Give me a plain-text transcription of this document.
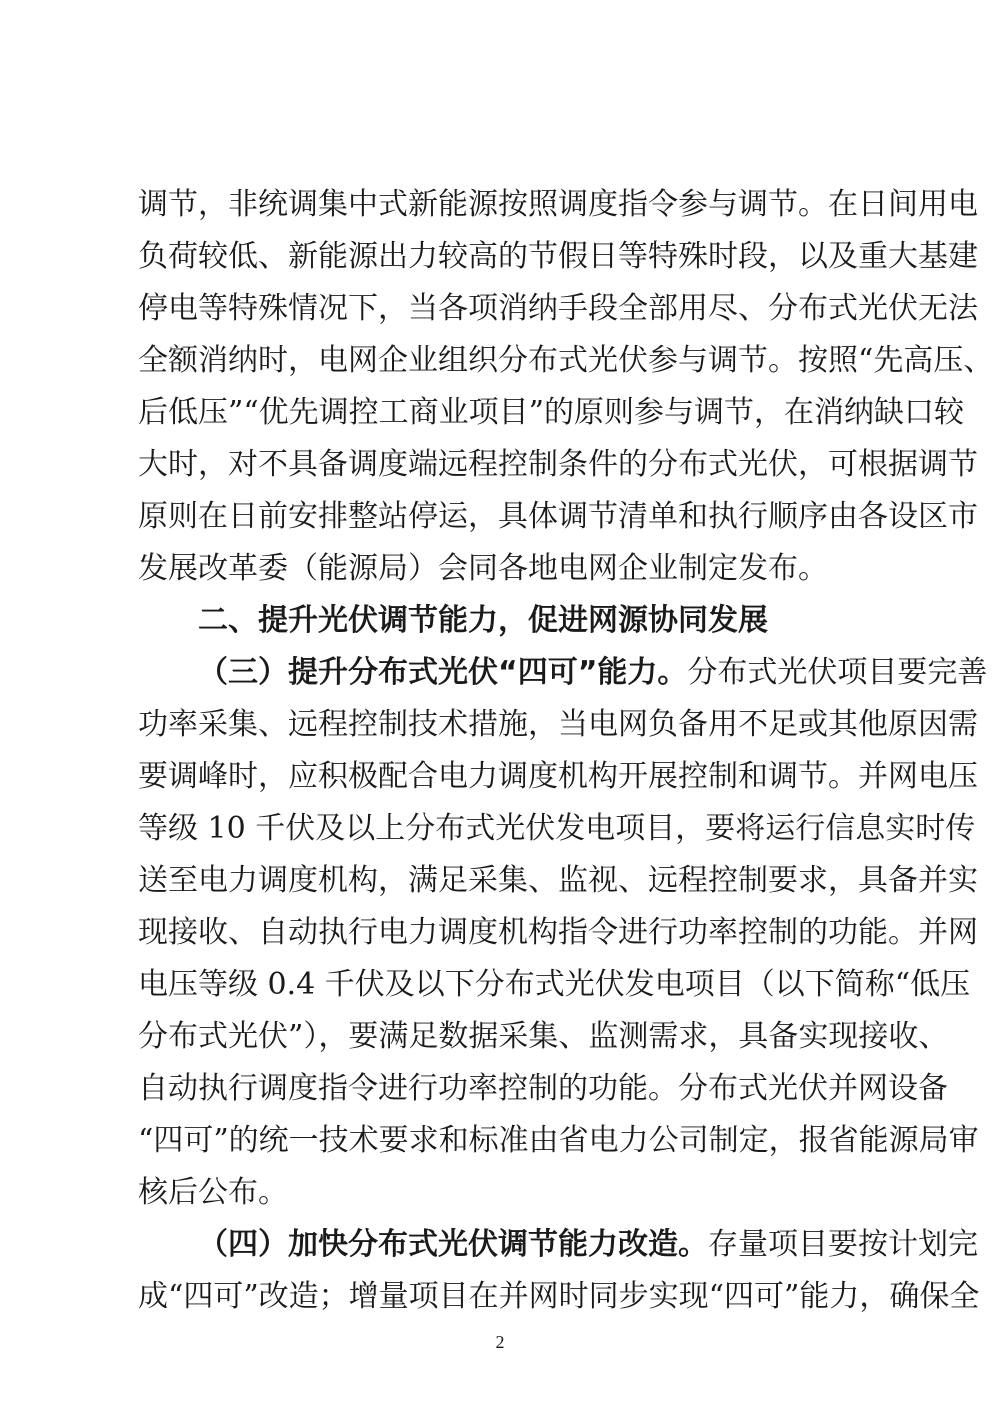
调节，非统调集中式新能源按照调度指令参与调节。在日间用电
负荷较低、新能源出力较高的节假日等特殊时段，以及重大基建
停电等特殊情况下，当各项消纳手段全部用尽、分布式光伏无法
全额消纳时，电网企业组织分布式光伏参与调节。按照“先高压、
后低压”“优先调控工商业项目”的原则参与调节，在消纳缺口较
大时，对不具备调度端远程控制条件的分布式光伏，可根据调节
原则在日前安排整站停运，具体调节清单和执行顺序由各设区市
发展改革委（能源局）会同各地电网企业制定发布。
二、提升光伏调节能力，促进网源协同发展
（三）提升分布式光伏“四可”能力。分布式光伏项目要完善
功率采集、远程控制技术措施，当电网负备用不足或其他原因需
要调峰时，应积极配合电力调度机构开展控制和调节。并网电压
等级 10 千伏及以上分布式光伏发电项目，要将运行信息实时传
送至电力调度机构，满足采集、监视、远程控制要求，具备并实
现接收、自动执行电力调度机构指令进行功率控制的功能。并网
电压等级 0.4 千伏及以下分布式光伏发电项目（以下简称“低压
分布式光伏”），要满足数据采集、监测需求，具备实现接收、
自动执行调度指令进行功率控制的功能。分布式光伏并网设备
“四可”的统一技术要求和标准由省电力公司制定，报省能源局审
核后公布。
（四）加快分布式光伏调节能力改造。存量项目要按计划完
成“四可”改造；增量项目在并网时同步实现“四可”能力，确保全
2
